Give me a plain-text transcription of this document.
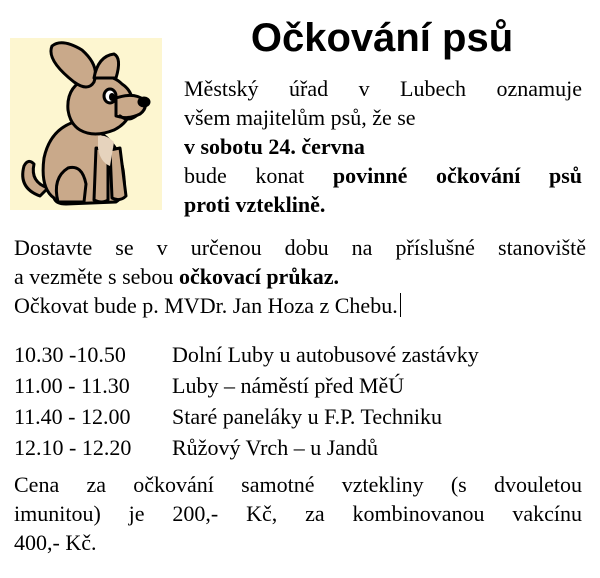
Očkování psů
Městský úřad v Lubech oznamuje
všem majitelům psů, že se
v sobotu 24. června
bude konat povinné očkování psů
proti vzteklině.
Dostavte se v určenou dobu na příslušné stanoviště
a vezměte s sebou očkovací průkaz.
Očkovat bude p. MVDr. Jan Hoza z Chebu.
10.30 -10.50 Dolní Luby u autobusové zastávky
11.00 - 11.30 Luby – náměstí před MěÚ
11.40 - 12.00 Staré paneláky u F.P. Techniku
12.10 - 12.20 Růžový Vrch – u Jandů
Cena za očkování samotné vztekliny (s dvouletou
imunitou) je 200,- Kč, za kombinovanou vakcínu
400,- Kč.
